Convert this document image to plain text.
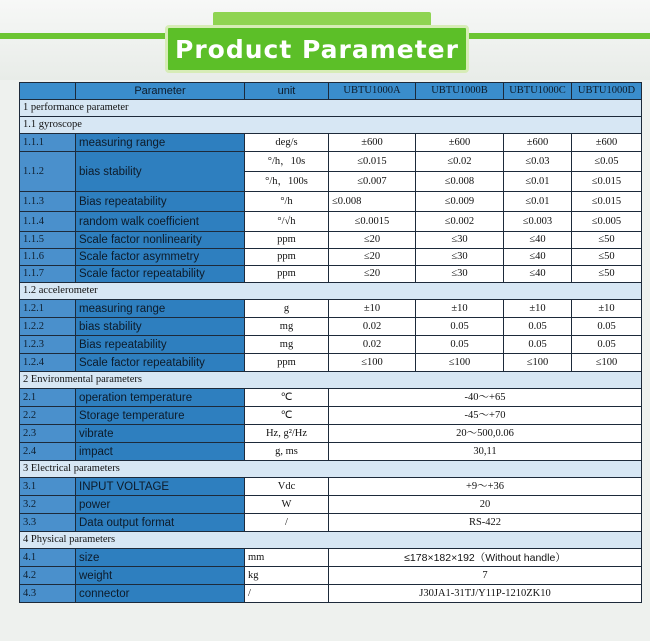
Product Parameter
	Parameter	unit	UBTU1000A	UBTU1000B	UBTU1000C	UBTU1000D
1 performance parameter						
1.1 gyroscope						
1.1.1	measuring range	deg/s	±600	±600	±600	±600
1.1.2	bias stability	°/h，10s	≤0.015	≤0.02	≤0.03	≤0.05
		°/h，100s	≤0.007	≤0.008	≤0.01	≤0.015
1.1.3	Bias repeatability	°/h	≤0.008	≤0.009	≤0.01	≤0.015
1.1.4	random walk coefficient	°/√h	≤0.0015	≤0.002	≤0.003	≤0.005
1.1.5	Scale factor nonlinearity	ppm	≤20	≤30	≤40	≤50
1.1.6	Scale factor asymmetry	ppm	≤20	≤30	≤40	≤50
1.1.7	Scale factor repeatability	ppm	≤20	≤30	≤40	≤50
1.2 accelerometer						
1.2.1	measuring range	g	±10	±10	±10	±10
1.2.2	bias stability	mg	0.02	0.05	0.05	0.05
1.2.3	Bias repeatability	mg	0.02	0.05	0.05	0.05
1.2.4	Scale factor repeatability	ppm	≤100	≤100	≤100	≤100
2 Environmental parameters						
2.1	operation temperature	℃	-40～+65			
2.2	Storage temperature	℃	-45～+70			
2.3	vibrate	Hz, g²/Hz	20～500,0.06			
2.4	impact	g, ms	30,11			
3 Electrical parameters						
3.1	INPUT VOLTAGE	Vdc	+9～+36			
3.2	power	W	20			
3.3	Data output format	/	RS-422			
4 Physical parameters						
4.1	size	mm	≤178×182×192（Without handle）			
4.2	weight	kg	7			
4.3	connector	/	J30JA1-31TJ/Y11P-1210ZK10			
